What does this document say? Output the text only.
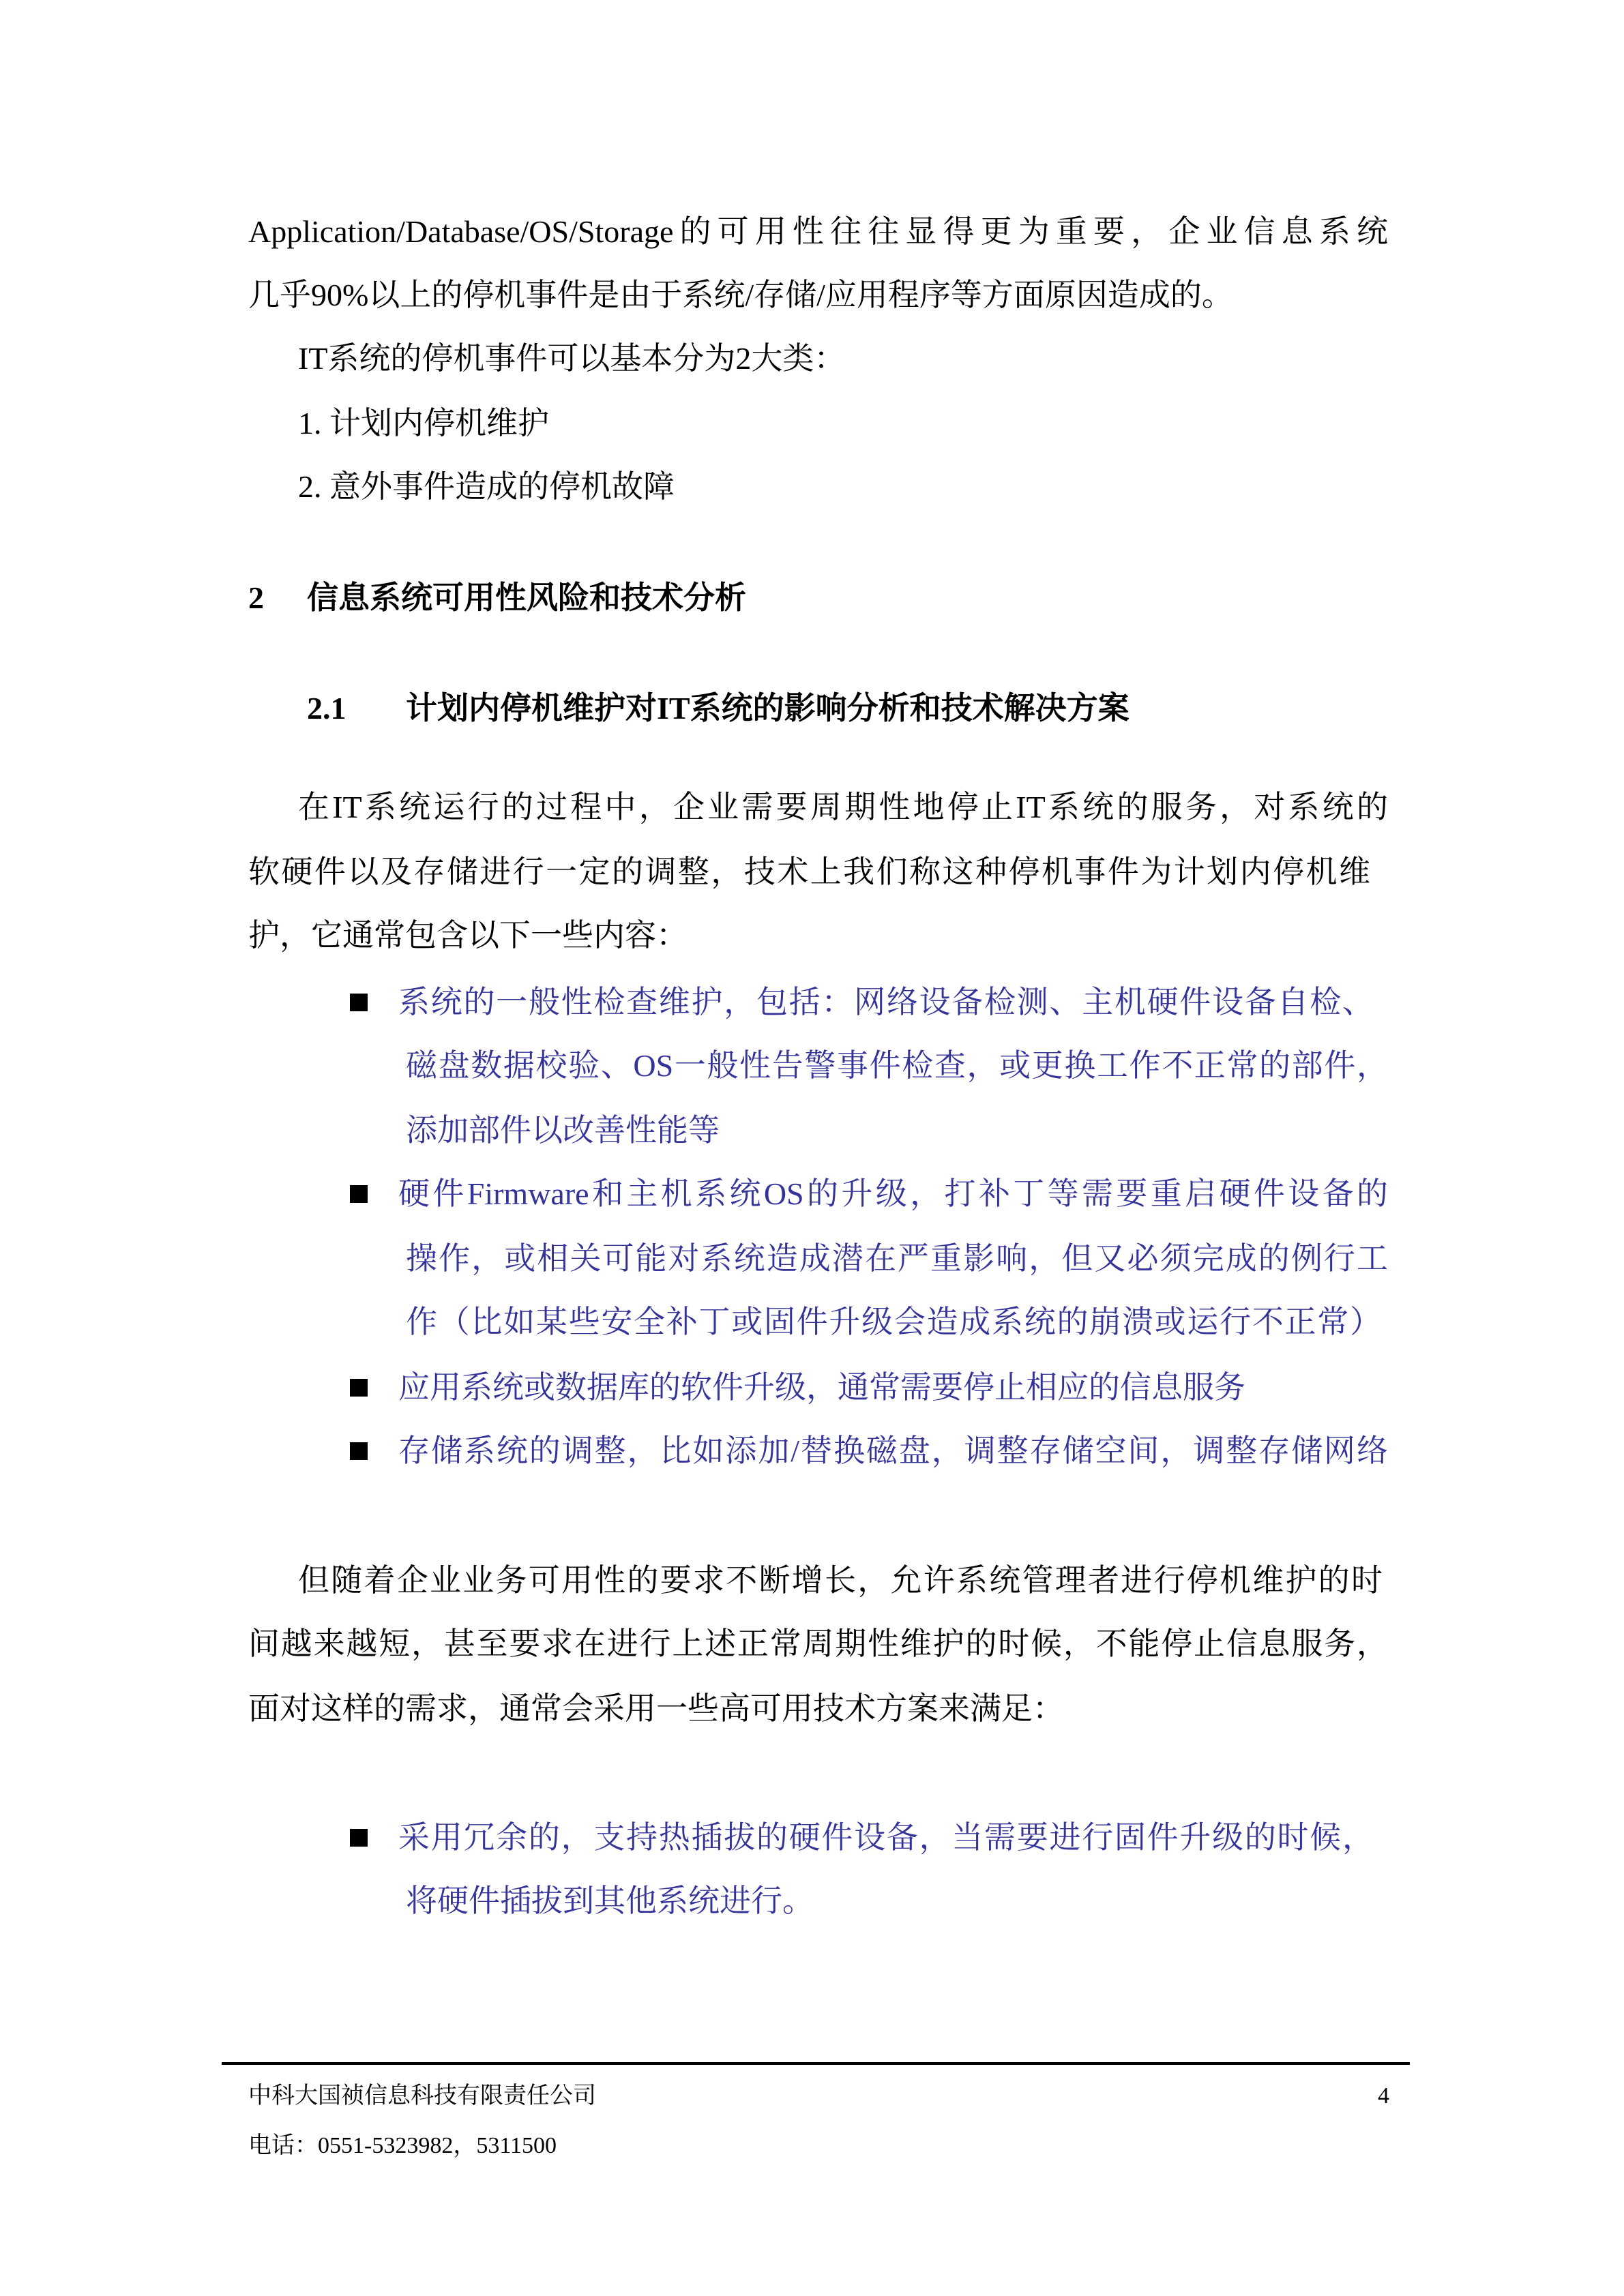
Application/Database/OS/Storage的可用性往往显得更为重要，企业信息系统
几乎90%以上的停机事件是由于系统/存储/应用程序等方面原因造成的。
IT系统的停机事件可以基本分为2大类：
1. 计划内停机维护
2. 意外事件造成的停机故障
2 信息系统可用性风险和技术分析
2.1 计划内停机维护对IT系统的影响分析和技术解决方案
在IT系统运行的过程中，企业需要周期性地停止IT系统的服务，对系统的
软硬件以及存储进行一定的调整，技术上我们称这种停机事件为计划内停机维
护，它通常包含以下一些内容：
系统的一般性检查维护，包括：网络设备检测、主机硬件设备自检、
磁盘数据校验、OS一般性告警事件检查，或更换工作不正常的部件，
添加部件以改善性能等
硬件Firmware和主机系统OS的升级，打补丁等需要重启硬件设备的
操作，或相关可能对系统造成潜在严重影响，但又必须完成的例行工
作（比如某些安全补丁或固件升级会造成系统的崩溃或运行不正常）
应用系统或数据库的软件升级，通常需要停止相应的信息服务
存储系统的调整，比如添加/替换磁盘，调整存储空间，调整存储网络
但随着企业业务可用性的要求不断增长，允许系统管理者进行停机维护的时
间越来越短，甚至要求在进行上述正常周期性维护的时候，不能停止信息服务，
面对这样的需求，通常会采用一些高可用技术方案来满足：
采用冗余的，支持热插拔的硬件设备，当需要进行固件升级的时候，
将硬件插拔到其他系统进行。
中科大国祯信息科技有限责任公司	4
电话：0551-5323982，5311500
